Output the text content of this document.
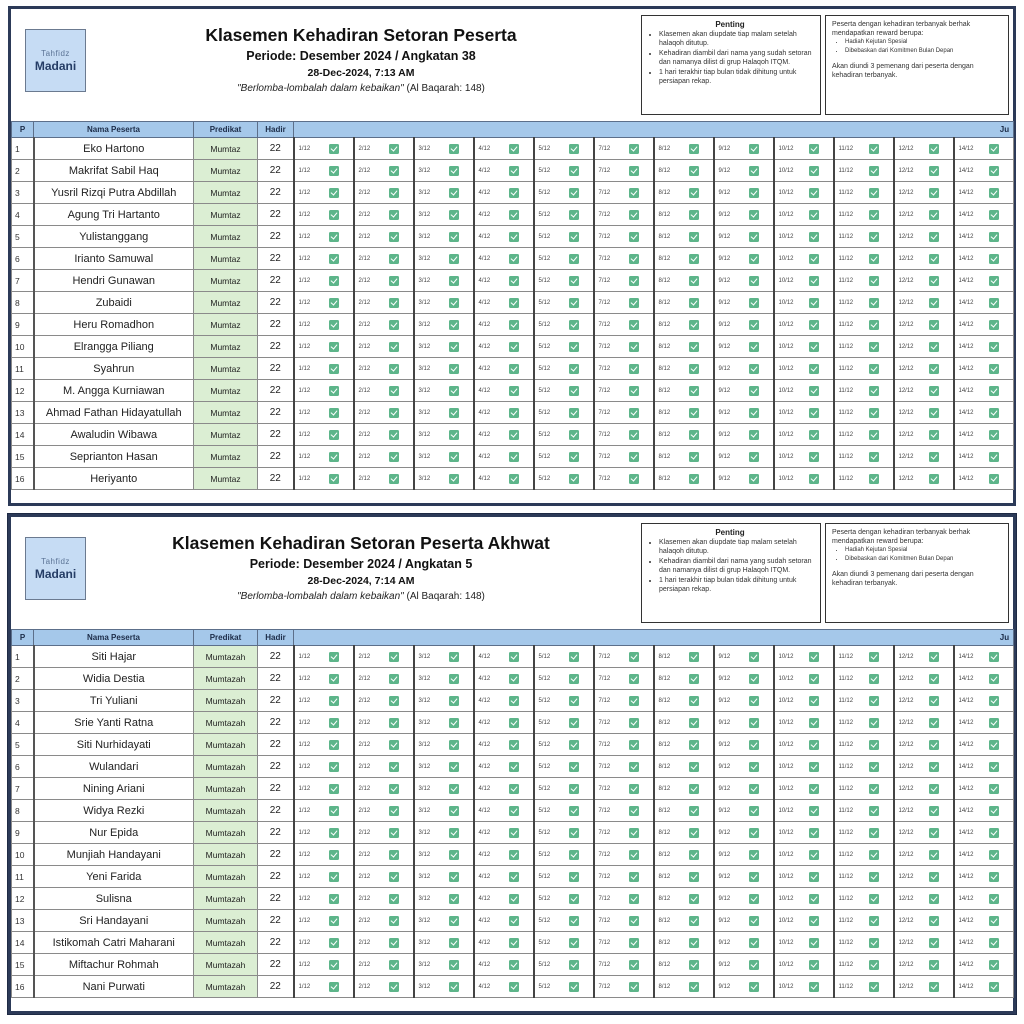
Tahfidz
Madani
Klasemen Kehadiran Setoran Peserta
Periode: Desember 2024 / Angkatan 38
28-Dec-2024, 7:13 AM
"Berlomba-lombalah dalam kebaikan" (Al Baqarah: 148)
Penting
• Klasemen akan diupdate tiap malam setelah halaqoh ditutup.
• Kehadiran diambil dari nama yang sudah setoran dan namanya dilist di grup Halaqoh ITQM.
• 1 hari terakhir tiap bulan tidak dihitung untuk persiapan rekap.

Peserta dengan kehadiran terbanyak berhak mendapatkan reward berupa:

• Hadiah Kejutan Spesial
• Dibebaskan dari Komitmen Bulan Depan

Akan diundi 3 pemenang dari peserta dengan kehadiran terbanyak.

P	Nama Peserta	Predikat	Hadir	Ju											
1	Eko Hartono	Mumtaz	22	1/12	2/12	3/12	4/12	5/12	7/12	8/12	9/12	10/12	11/12	12/12	14/12
2	Makrifat Sabil Haq	Mumtaz	22	1/12	2/12	3/12	4/12	5/12	7/12	8/12	9/12	10/12	11/12	12/12	14/12
3	Yusril Rizqi Putra Abdillah	Mumtaz	22	1/12	2/12	3/12	4/12	5/12	7/12	8/12	9/12	10/12	11/12	12/12	14/12
4	Agung Tri Hartanto	Mumtaz	22	1/12	2/12	3/12	4/12	5/12	7/12	8/12	9/12	10/12	11/12	12/12	14/12
5	Yulistanggang	Mumtaz	22	1/12	2/12	3/12	4/12	5/12	7/12	8/12	9/12	10/12	11/12	12/12	14/12
6	Irianto Samuwal	Mumtaz	22	1/12	2/12	3/12	4/12	5/12	7/12	8/12	9/12	10/12	11/12	12/12	14/12
7	Hendri Gunawan	Mumtaz	22	1/12	2/12	3/12	4/12	5/12	7/12	8/12	9/12	10/12	11/12	12/12	14/12
8	Zubaidi	Mumtaz	22	1/12	2/12	3/12	4/12	5/12	7/12	8/12	9/12	10/12	11/12	12/12	14/12
9	Heru Romadhon	Mumtaz	22	1/12	2/12	3/12	4/12	5/12	7/12	8/12	9/12	10/12	11/12	12/12	14/12
10	Elrangga Piliang	Mumtaz	22	1/12	2/12	3/12	4/12	5/12	7/12	8/12	9/12	10/12	11/12	12/12	14/12
11	Syahrun	Mumtaz	22	1/12	2/12	3/12	4/12	5/12	7/12	8/12	9/12	10/12	11/12	12/12	14/12
12	M. Angga Kurniawan	Mumtaz	22	1/12	2/12	3/12	4/12	5/12	7/12	8/12	9/12	10/12	11/12	12/12	14/12
13	Ahmad Fathan Hidayatullah	Mumtaz	22	1/12	2/12	3/12	4/12	5/12	7/12	8/12	9/12	10/12	11/12	12/12	14/12
14	Awaludin Wibawa	Mumtaz	22	1/12	2/12	3/12	4/12	5/12	7/12	8/12	9/12	10/12	11/12	12/12	14/12
15	Seprianton Hasan	Mumtaz	22	1/12	2/12	3/12	4/12	5/12	7/12	8/12	9/12	10/12	11/12	12/12	14/12
16	Heriyanto	Mumtaz	22	1/12	2/12	3/12	4/12	5/12	7/12	8/12	9/12	10/12	11/12	12/12	14/12
Tahfidz
Madani
Klasemen Kehadiran Setoran Peserta Akhwat
Periode: Desember 2024 / Angkatan 5
28-Dec-2024, 7:14 AM
"Berlomba-lombalah dalam kebaikan" (Al Baqarah: 148)
Penting
• Klasemen akan diupdate tiap malam setelah halaqoh ditutup.
• Kehadiran diambil dari nama yang sudah setoran dan namanya dilist di grup Halaqoh ITQM.
• 1 hari terakhir tiap bulan tidak dihitung untuk persiapan rekap.

Peserta dengan kehadiran terbanyak berhak mendapatkan reward berupa:

• Hadiah Kejutan Spesial
• Dibebaskan dari Komitmen Bulan Depan

Akan diundi 3 pemenang dari peserta dengan kehadiran terbanyak.

P	Nama Peserta	Predikat	Hadir	Ju											
1	Siti Hajar	Mumtazah	22	1/12	2/12	3/12	4/12	5/12	7/12	8/12	9/12	10/12	11/12	12/12	14/12
2	Widia Destia	Mumtazah	22	1/12	2/12	3/12	4/12	5/12	7/12	8/12	9/12	10/12	11/12	12/12	14/12
3	Tri Yuliani	Mumtazah	22	1/12	2/12	3/12	4/12	5/12	7/12	8/12	9/12	10/12	11/12	12/12	14/12
4	Srie Yanti Ratna	Mumtazah	22	1/12	2/12	3/12	4/12	5/12	7/12	8/12	9/12	10/12	11/12	12/12	14/12
5	Siti Nurhidayati	Mumtazah	22	1/12	2/12	3/12	4/12	5/12	7/12	8/12	9/12	10/12	11/12	12/12	14/12
6	Wulandari	Mumtazah	22	1/12	2/12	3/12	4/12	5/12	7/12	8/12	9/12	10/12	11/12	12/12	14/12
7	Nining Ariani	Mumtazah	22	1/12	2/12	3/12	4/12	5/12	7/12	8/12	9/12	10/12	11/12	12/12	14/12
8	Widya Rezki	Mumtazah	22	1/12	2/12	3/12	4/12	5/12	7/12	8/12	9/12	10/12	11/12	12/12	14/12
9	Nur Epida	Mumtazah	22	1/12	2/12	3/12	4/12	5/12	7/12	8/12	9/12	10/12	11/12	12/12	14/12
10	Munjiah Handayani	Mumtazah	22	1/12	2/12	3/12	4/12	5/12	7/12	8/12	9/12	10/12	11/12	12/12	14/12
11	Yeni Farida	Mumtazah	22	1/12	2/12	3/12	4/12	5/12	7/12	8/12	9/12	10/12	11/12	12/12	14/12
12	Sulisna	Mumtazah	22	1/12	2/12	3/12	4/12	5/12	7/12	8/12	9/12	10/12	11/12	12/12	14/12
13	Sri Handayani	Mumtazah	22	1/12	2/12	3/12	4/12	5/12	7/12	8/12	9/12	10/12	11/12	12/12	14/12
14	Istikomah Catri Maharani	Mumtazah	22	1/12	2/12	3/12	4/12	5/12	7/12	8/12	9/12	10/12	11/12	12/12	14/12
15	Miftachur Rohmah	Mumtazah	22	1/12	2/12	3/12	4/12	5/12	7/12	8/12	9/12	10/12	11/12	12/12	14/12
16	Nani Purwati	Mumtazah	22	1/12	2/12	3/12	4/12	5/12	7/12	8/12	9/12	10/12	11/12	12/12	14/12
